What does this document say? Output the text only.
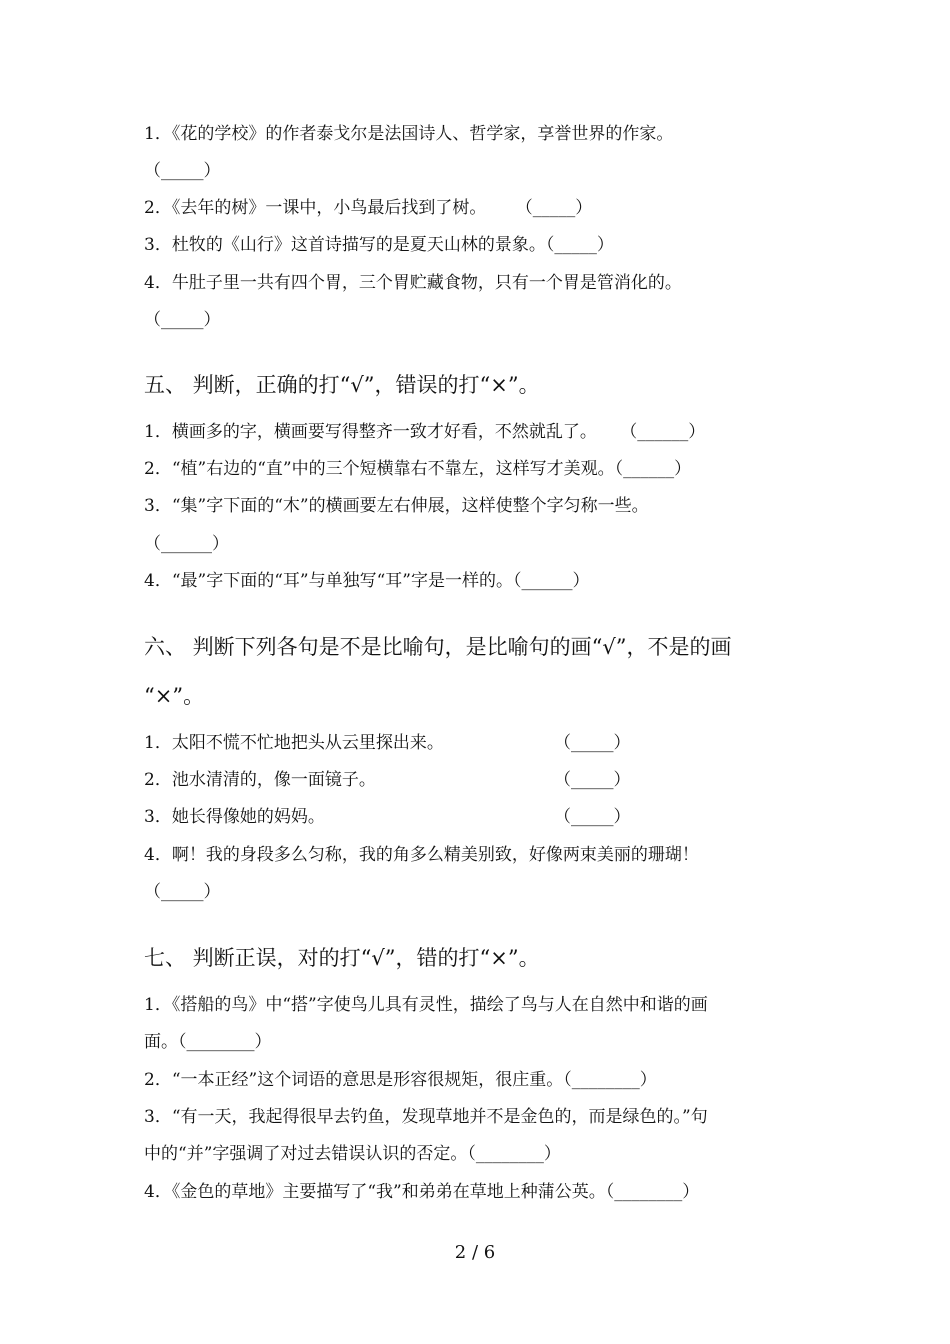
1．《花的学校》的作者泰戈尔是法国诗人、哲学家，享誉世界的作家。
（_____）
2．《去年的树》一课中，小鸟最后找到了树。 （_____）
3．杜牧的《山行》这首诗描写的是夏天山林的景象。（_____）
4．牛肚子里一共有四个胃，三个胃贮藏食物，只有一个胃是管消化的。
（_____）
五、 判断，正确的打“√”，错误的打“×”。
1．横画多的字，横画要写得整齐一致才好看，不然就乱了。 （______）
2．“植”右边的“直”中的三个短横靠右不靠左，这样写才美观。（______）
3．“集”字下面的“木”的横画要左右伸展，这样使整个字匀称一些。
（______）
4．“最”字下面的“耳”与单独写“耳”字是一样的。（______）
六、 判断下列各句是不是比喻句，是比喻句的画“√”，不是的画
“×”。
1．太阳不慌不忙地把头从云里探出来。	（_____）
2．池水清清的，像一面镜子。	（_____）
3．她长得像她的妈妈。	（_____）
4．啊！我的身段多么匀称，我的角多么精美别致，好像两束美丽的珊瑚！
（_____）
七、 判断正误，对的打“√”，错的打“×”。
1．《搭船的鸟》中“搭”字使鸟儿具有灵性，描绘了鸟与人在自然中和谐的画
面。（________）
2．“一本正经”这个词语的意思是形容很规矩，很庄重。（________）
3．“有一天，我起得很早去钓鱼，发现草地并不是金色的，而是绿色的。”句
中的“并”字强调了对过去错误认识的否定。（________）
4．《金色的草地》主要描写了“我”和弟弟在草地上种蒲公英。（________）
2 / 6
